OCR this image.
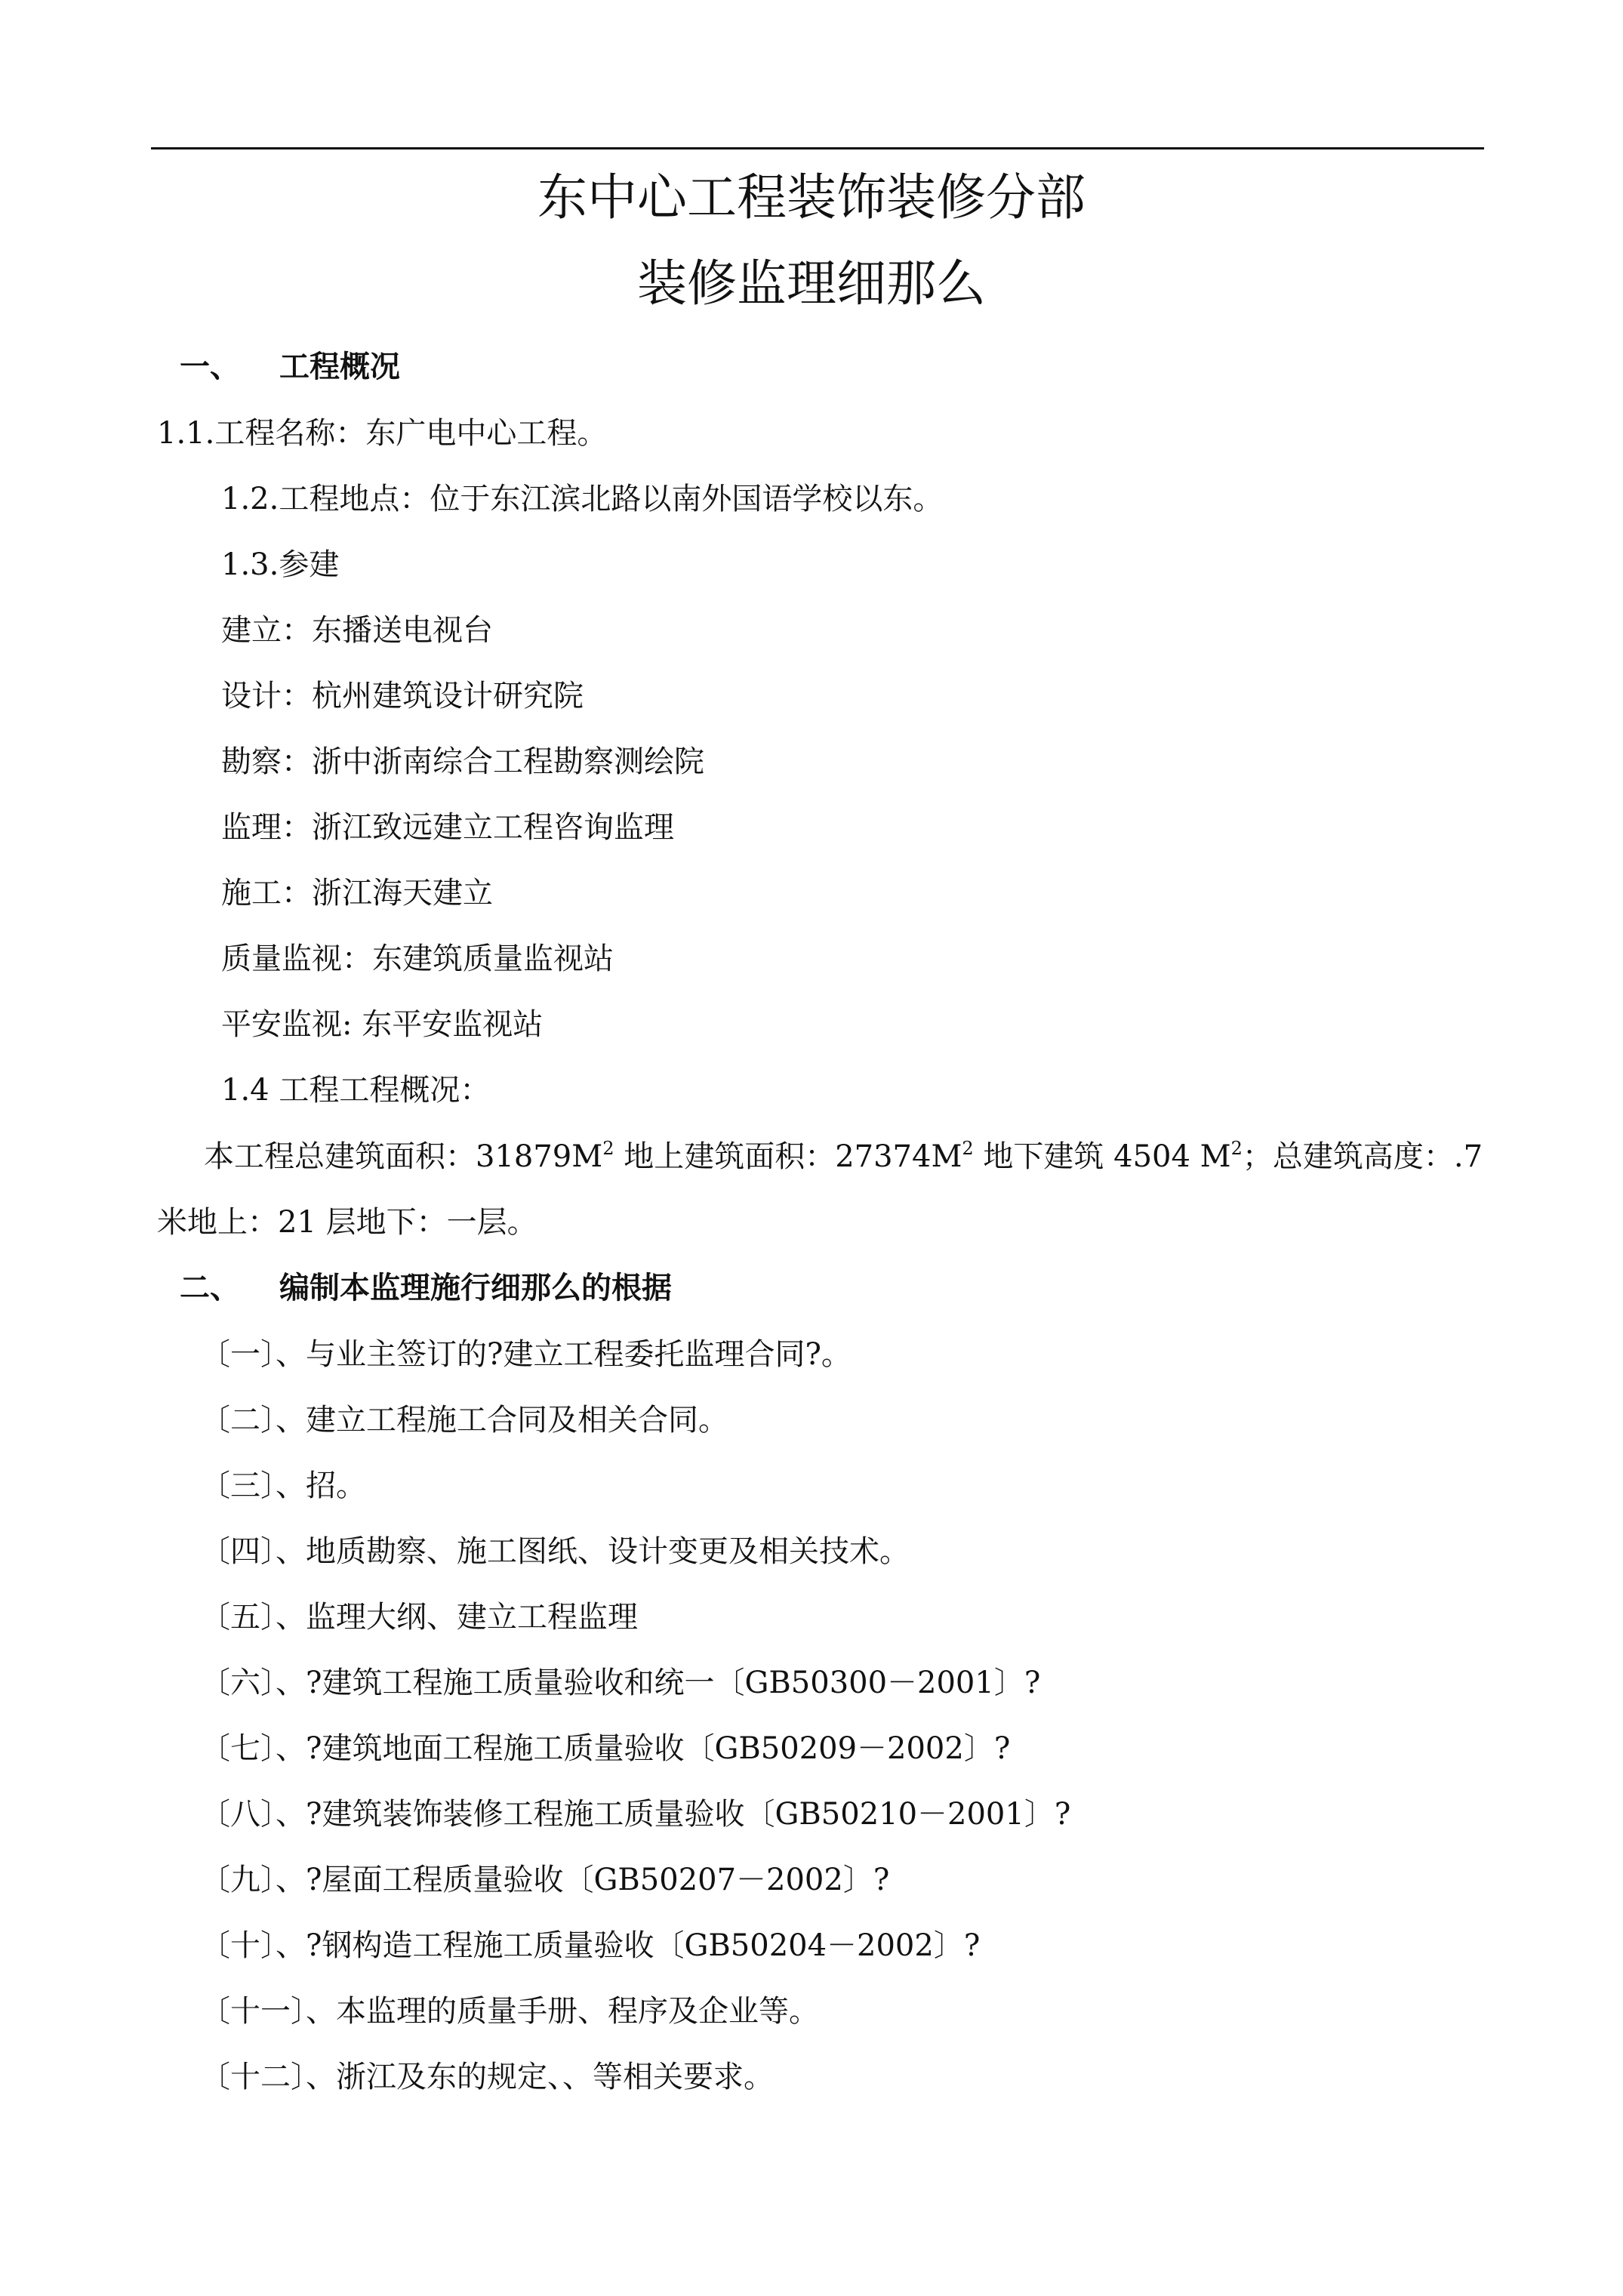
东中心工程装饰装修分部
装修监理细那么
一、 工程概况
1.1.工程名称：东广电中心工程。
1.2.工程地点：位于东江滨北路以南外国语学校以东。
1.3.参建
建立：东播送电视台
设计：杭州建筑设计研究院
勘察：浙中浙南综合工程勘察测绘院
监理：浙江致远建立工程咨询监理
施工：浙江海天建立
质量监视：东建筑质量监视站
平安监视: 东平安监视站
1.4 工程工程概况：
本工程总建筑面积：$31879M^2$ 地上建筑面积：$27374M^2$ 地下建筑 4504 $M^2$；总建筑高度：.7
米地上：21 层地下：一层。
二、 编制本监理施行细那么的根据
〔一〕、与业主签订的?建立工程委托监理合同?。
〔二〕、建立工程施工合同及相关合同。
〔三〕、招。
〔四〕、地质勘察、施工图纸、设计变更及相关技术。
〔五〕、监理大纲、建立工程监理
〔六〕、?建筑工程施工质量验收和统一〔GB50300－2001〕?
〔七〕、?建筑地面工程施工质量验收〔GB50209－2002〕?
〔八〕、?建筑装饰装修工程施工质量验收〔GB50210－2001〕?
〔九〕、?屋面工程质量验收〔GB50207－2002〕?
〔十〕、?钢构造工程施工质量验收〔GB50204－2002〕?
〔十一〕、本监理的质量手册、程序及企业等。
〔十二〕、浙江及东的规定、、等相关要求。
